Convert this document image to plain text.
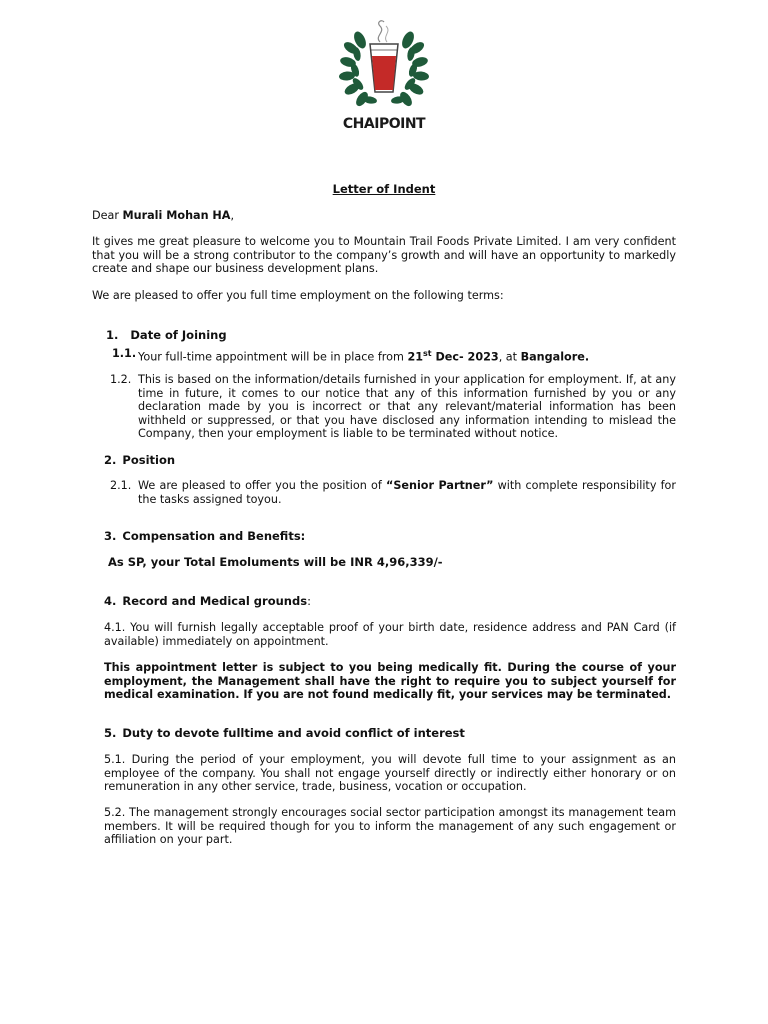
CHAIPOINT
Letter of Indent
Dear Murali Mohan HA,
It gives me great pleasure to welcome you to Mountain Trail Foods Private Limited. I am very confident that you will be a strong contributor to the company’s growth and will have an opportunity to markedly create and shape our business development plans.
We are pleased to offer you full time employment on the following terms:
1. Date of Joining
1.1. Your full-time appointment will be in place from 21st Dec- 2023, at Bangalore.
1.2. This is based on the information/details furnished in your application for employment. If, at any time in future, it comes to our notice that any of this information furnished by you or any declaration made by you is incorrect or that any relevant/material information has been withheld or suppressed, or that you have disclosed any information intending to mislead the Company, then your employment is liable to be terminated without notice.
2. Position
2.1. We are pleased to offer you the position of “Senior Partner” with complete responsibility for the tasks assigned toyou.
3. Compensation and Benefits:
As SP, your Total Emoluments will be INR 4,96,339/-
4. Record and Medical grounds:
4.1. You will furnish legally acceptable proof of your birth date, residence address and PAN Card (if available) immediately on appointment.
This appointment letter is subject to you being medically fit. During the course of your employment, the Management shall have the right to require you to subject yourself for medical examination. If you are not found medically fit, your services may be terminated.
5. Duty to devote fulltime and avoid conflict of interest
5.1. During the period of your employment, you will devote full time to your assignment as an employee of the company. You shall not engage yourself directly or indirectly either honorary or on remuneration in any other service, trade, business, vocation or occupation.
5.2. The management strongly encourages social sector participation amongst its management team members. It will be required though for you to inform the management of any such engagement or affiliation on your part.
